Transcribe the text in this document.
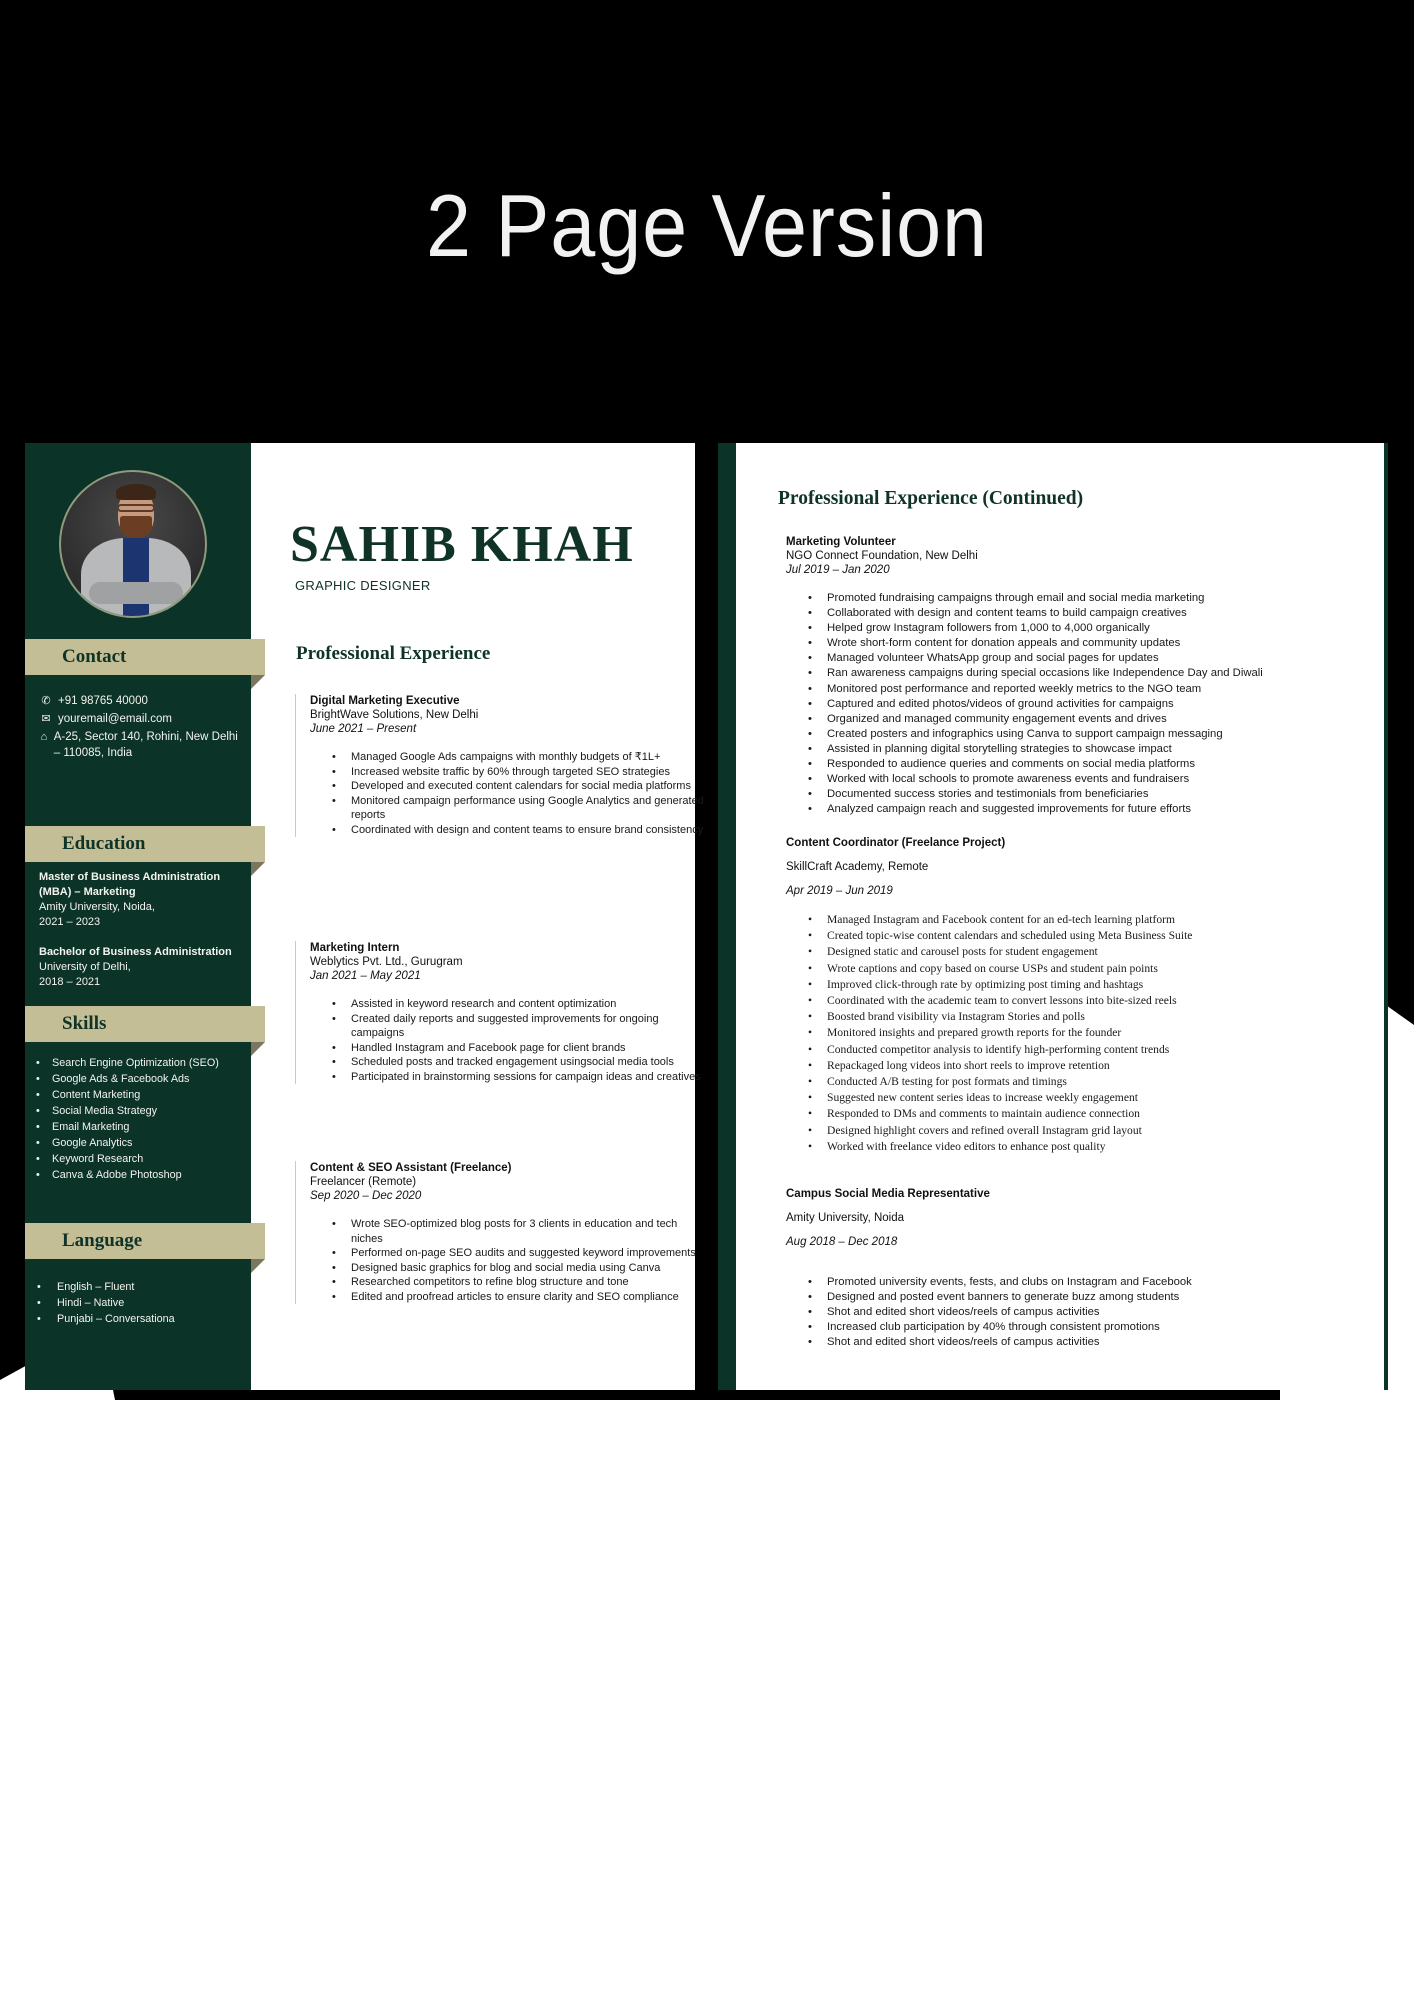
2 Page Version
Contact
✆ +91 98765 40000
✉ youremail@email.com
⌂ A-25, Sector 140, Rohini, New Delhi – 110085, India
Education
Master of Business Administration (MBA) – Marketing
Amity University, Noida,
2021 – 2023
Bachelor of Business Administration
University of Delhi,
2018 – 2021
Skills
• Search Engine Optimization (SEO)
• Google Ads & Facebook Ads
• Content Marketing
• Social Media Strategy
• Email Marketing
• Google Analytics
• Keyword Research
• Canva & Adobe Photoshop
Language
• English – Fluent
• Hindi – Native
• Punjabi – Conversationa
SAHIB KHAH
GRAPHIC DESIGNER
Professional Experience
Digital Marketing Executive
BrightWave Solutions, New Delhi
June 2021 – Present
• Managed Google Ads campaigns with monthly budgets of ₹1L+
• Increased website traffic by 60% through targeted SEO strategies
• Developed and executed content calendars for social media platforms
• Monitored campaign performance using Google Analytics and generated reports
• Coordinated with design and content teams to ensure brand consistency
Marketing Intern
Weblytics Pvt. Ltd., Gurugram
Jan 2021 – May 2021
• Assisted in keyword research and content optimization
• Created daily reports and suggested improvements for ongoing campaigns
• Handled Instagram and Facebook page for client brands
• Scheduled posts and tracked engagement usingsocial media tools
• Participated in brainstorming sessions for campaign ideas and creatives
Content & SEO Assistant (Freelance)
Freelancer (Remote)
Sep 2020 – Dec 2020
• Wrote SEO-optimized blog posts for 3 clients in education and tech niches
• Performed on-page SEO audits and suggested keyword improvements
• Designed basic graphics for blog and social media using Canva
• Researched competitors to refine blog structure and tone
• Edited and proofread articles to ensure clarity and SEO compliance
Professional Experience (Continued)
Marketing Volunteer
NGO Connect Foundation, New Delhi
Jul 2019 – Jan 2020
• Promoted fundraising campaigns through email and social media marketing
• Collaborated with design and content teams to build campaign creatives
• Helped grow Instagram followers from 1,000 to 4,000 organically
• Wrote short-form content for donation appeals and community updates
• Managed volunteer WhatsApp group and social pages for updates
• Ran awareness campaigns during special occasions like Independence Day and Diwali
• Monitored post performance and reported weekly metrics to the NGO team
• Captured and edited photos/videos of ground activities for campaigns
• Organized and managed community engagement events and drives
• Created posters and infographics using Canva to support campaign messaging
• Assisted in planning digital storytelling strategies to showcase impact
• Responded to audience queries and comments on social media platforms
• Worked with local schools to promote awareness events and fundraisers
• Documented success stories and testimonials from beneficiaries
• Analyzed campaign reach and suggested improvements for future efforts
Content Coordinator (Freelance Project)
SkillCraft Academy, Remote
Apr 2019 – Jun 2019
• Managed Instagram and Facebook content for an ed-tech learning platform
• Created topic-wise content calendars and scheduled using Meta Business Suite
• Designed static and carousel posts for student engagement
• Wrote captions and copy based on course USPs and student pain points
• Improved click-through rate by optimizing post timing and hashtags
• Coordinated with the academic team to convert lessons into bite-sized reels
• Boosted brand visibility via Instagram Stories and polls
• Monitored insights and prepared growth reports for the founder
• Conducted competitor analysis to identify high-performing content trends
• Repackaged long videos into short reels to improve retention
• Conducted A/B testing for post formats and timings
• Suggested new content series ideas to increase weekly engagement
• Responded to DMs and comments to maintain audience connection
• Designed highlight covers and refined overall Instagram grid layout
• Worked with freelance video editors to enhance post quality
Campus Social Media Representative
Amity University, Noida
Aug 2018 – Dec 2018
• Promoted university events, fests, and clubs on Instagram and Facebook
• Designed and posted event banners to generate buzz among students
• Shot and edited short videos/reels of campus activities
• Increased club participation by 40% through consistent promotions
• Shot and edited short videos/reels of campus activities
